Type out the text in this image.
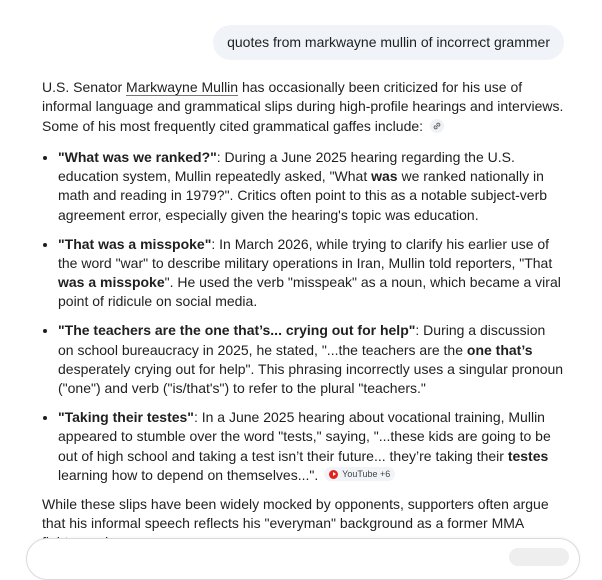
quotes from markwayne mullin of incorrect grammer

U.S. Senator Markwayne Mullin has occasionally been criticized for his use of informal language and grammatical slips during high-profile hearings and interviews. Some of his most frequently cited grammatical gaffes include:

• "What was we ranked?": During a June 2025 hearing regarding the U.S. education system, Mullin repeatedly asked, "What was we ranked nationally in math and reading in 1979?". Critics often point to this as a notable subject-verb agreement error, especially given the hearing's topic was education.
• "That was a misspoke": In March 2026, while trying to clarify his earlier use of the word "war" to describe military operations in Iran, Mullin told reporters, "That was a misspoke". He used the verb "misspeak" as a noun, which became a viral point of ridicule on social media.
• "The teachers are the one that’s... crying out for help": During a discussion on school bureaucracy in 2025, he stated, "...the teachers are the one that’s desperately crying out for help". This phrasing incorrectly uses a singular pronoun ("one") and verb ("is/that's") to refer to the plural "teachers."
• "Taking their testes": In a June 2025 hearing about vocational training, Mullin appeared to stumble over the word "tests," saying, "...these kids are going to be out of high school and taking a test isn’t their future... they’re taking their testes learning how to depend on themselves...". YouTube +6

While these slips have been widely mocked by opponents, supporters often argue that his informal speech reflects his "everyman" background as a former MMA
